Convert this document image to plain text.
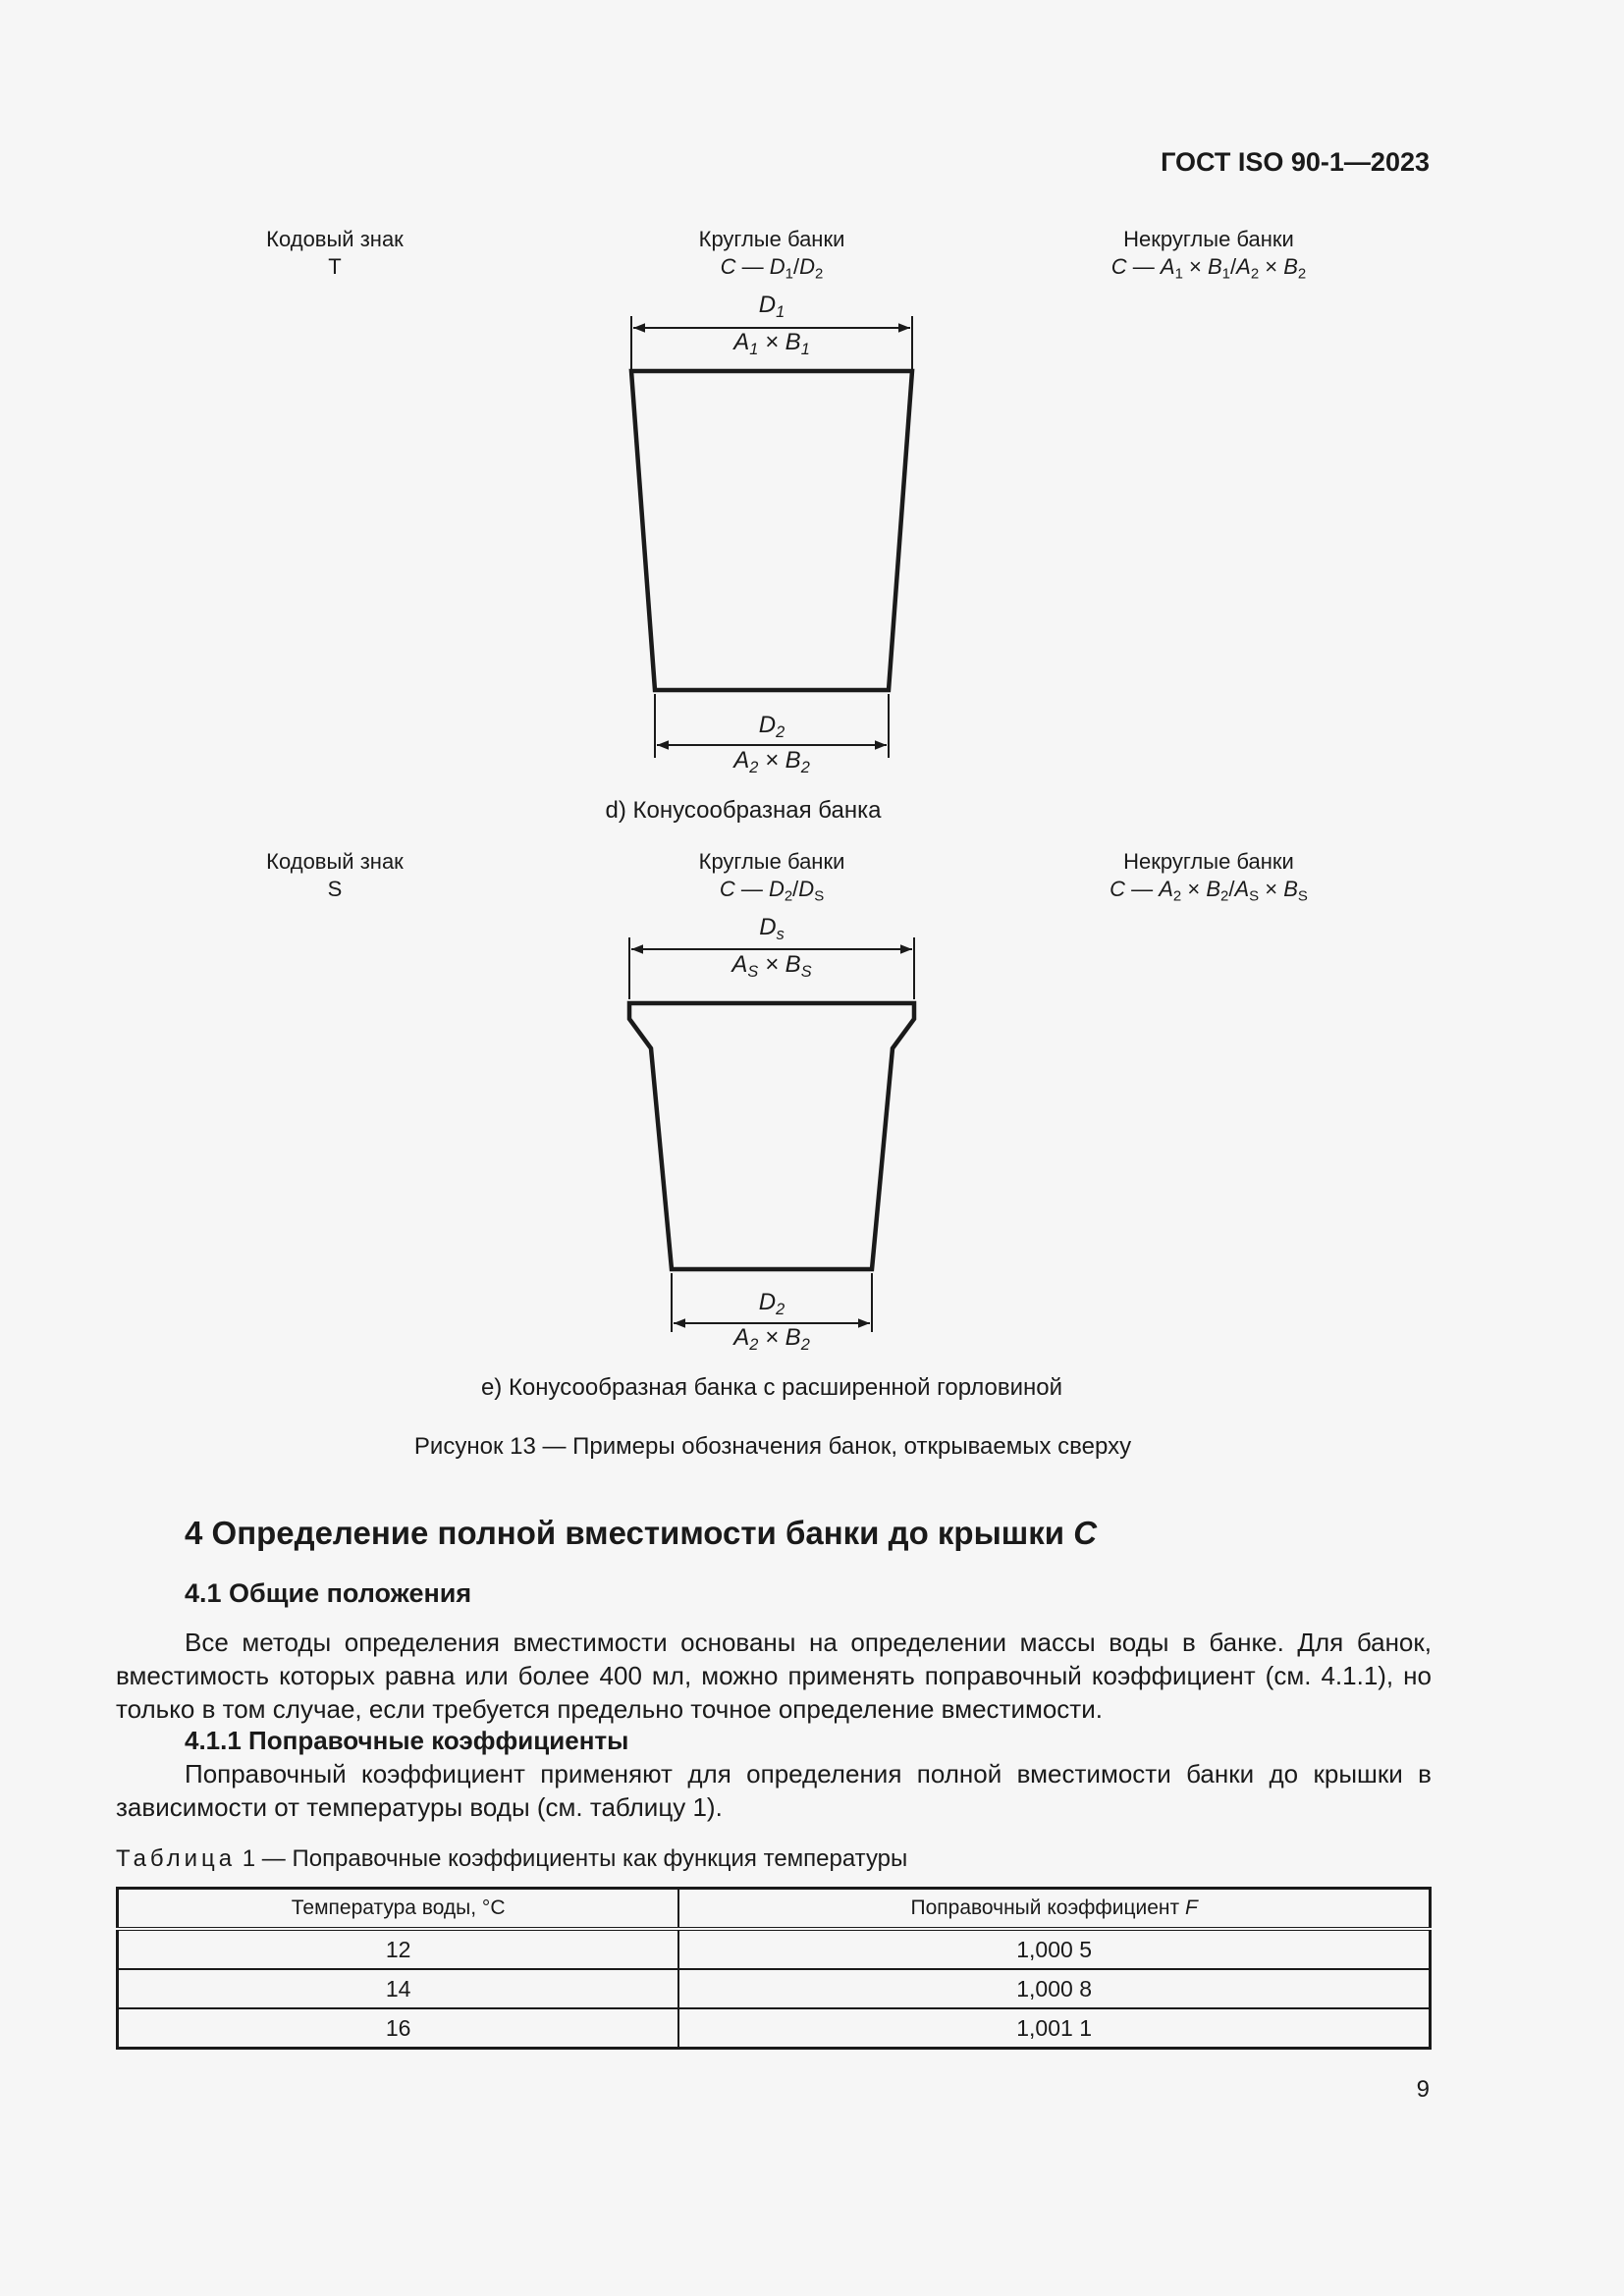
ГОСТ ISO 90-1—2023
Кодовый знак
T
Круглые банки
C — $D_1/D_2$
Некруглые банки
C — $A_1 \times B_1/A_2 \times B_2$
$D_1$
$A_1 \times B_1$
$D_2$
$A_2 \times B_2$
d) Конусообразная банка
Кодовый знак
S
Круглые банки
C — $D_2/D_S$
Некруглые банки
C — $A_2 \times B_2/A_S \times B_S$
$D_s$
$A_S \times B_S$
$D_2$
$A_2 \times B_2$
e) Конусообразная банка с расширенной горловиной
Рисунок 13 — Примеры обозначения банок, открываемых сверху
4 Определение полной вместимости банки до крышки C
4.1 Общие положения
Все методы определения вместимости основаны на определении массы воды в банке. Для банок, вместимость которых равна или более 400 мл, можно применять поправочный коэффициент (см. 4.1.1), но только в том случае, если требуется предельно точное определение вместимости.
4.1.1 Поправочные коэффициенты
Поправочный коэффициент применяют для определения полной вместимости банки до крышки в зависимости от температуры воды (см. таблицу 1).
Таблица 1 — Поправочные коэффициенты как функция температуры
Температура воды, °C	Поправочный коэффициент F
12	1,000 5
14	1,000 8
16	1,001 1
9
